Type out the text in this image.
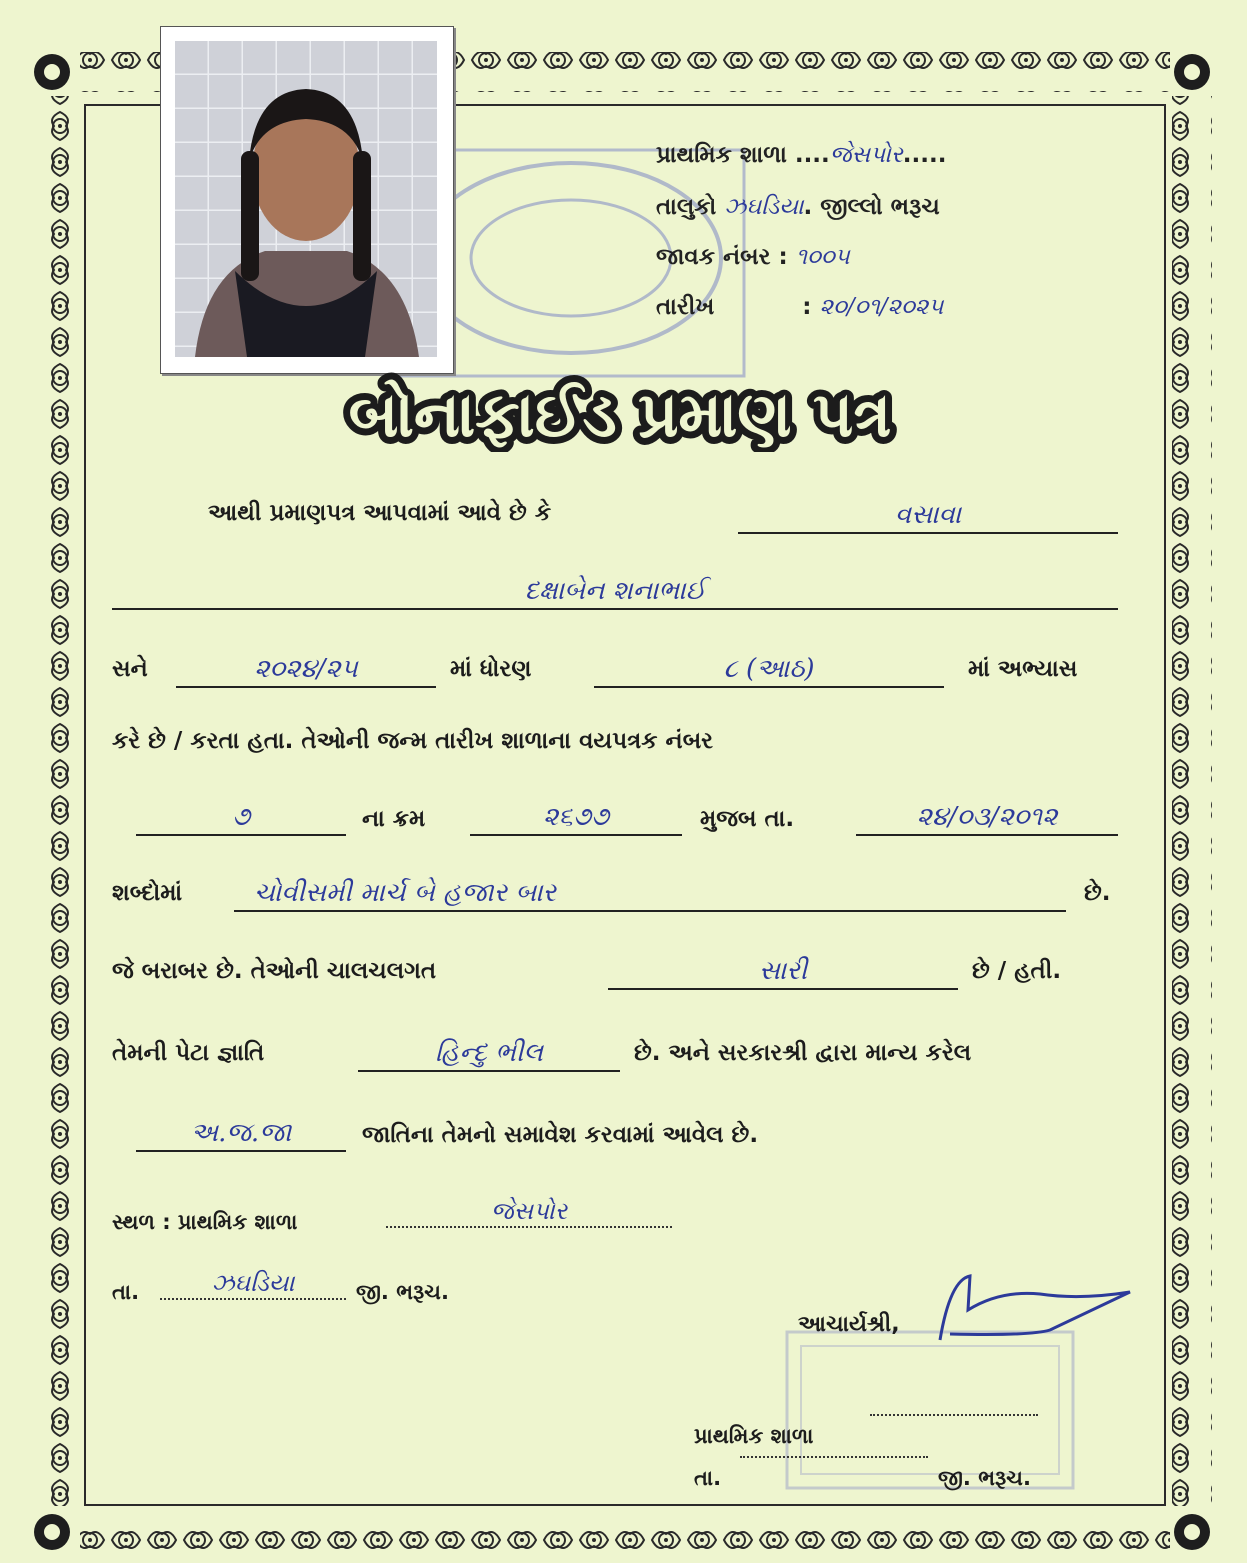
પ્રાથમિક શાળા ....જેસપોર.....
તાલુકો ઝઘડિયા. જીલ્લો ભરૂચ
જાવક નંબર : ૧૦૦૫
તારીખ	: ૨૦/૦૧/૨૦૨૫
બોનાફાઈડ પ્રમાણ પત્ર
આથી પ્રમાણપત્ર આપવામાં આવે છે કે	વસાવા
દક્ષાબેન શનાભાઈ
સને	૨૦૨૪/૨૫	માં ધોરણ	૮ (આઠ)	માં અભ્યાસ
કરે છે / કરતા હતા. તેઓની જન્મ તારીખ શાળાના વયપત્રક નંબર
૭	ના ક્રમ	૨૬૭૭	મુજબ તા.	૨૪/૦૩/૨૦૧૨
શબ્દોમાં	ચોવીસમી માર્ચ બે હજાર બાર	છે.
જે બરાબર છે. તેઓની ચાલચલગત	સારી	છે / હતી.
તેમની પેટા જ્ઞાતિ	હિન્દુ ભીલ	છે. અને સરકારશ્રી દ્વારા માન્ય કરેલ
અ.જ.જા	જાતિના તેમનો સમાવેશ કરવામાં આવેલ છે.
સ્થળ : પ્રાથમિક શાળા	જેસપોર
તા.	ઝઘડિયા	જી. ભરૂચ.
આચાર્યશ્રી,
પ્રાથમિક શાળા
તા.	જી. ભરૂચ.
